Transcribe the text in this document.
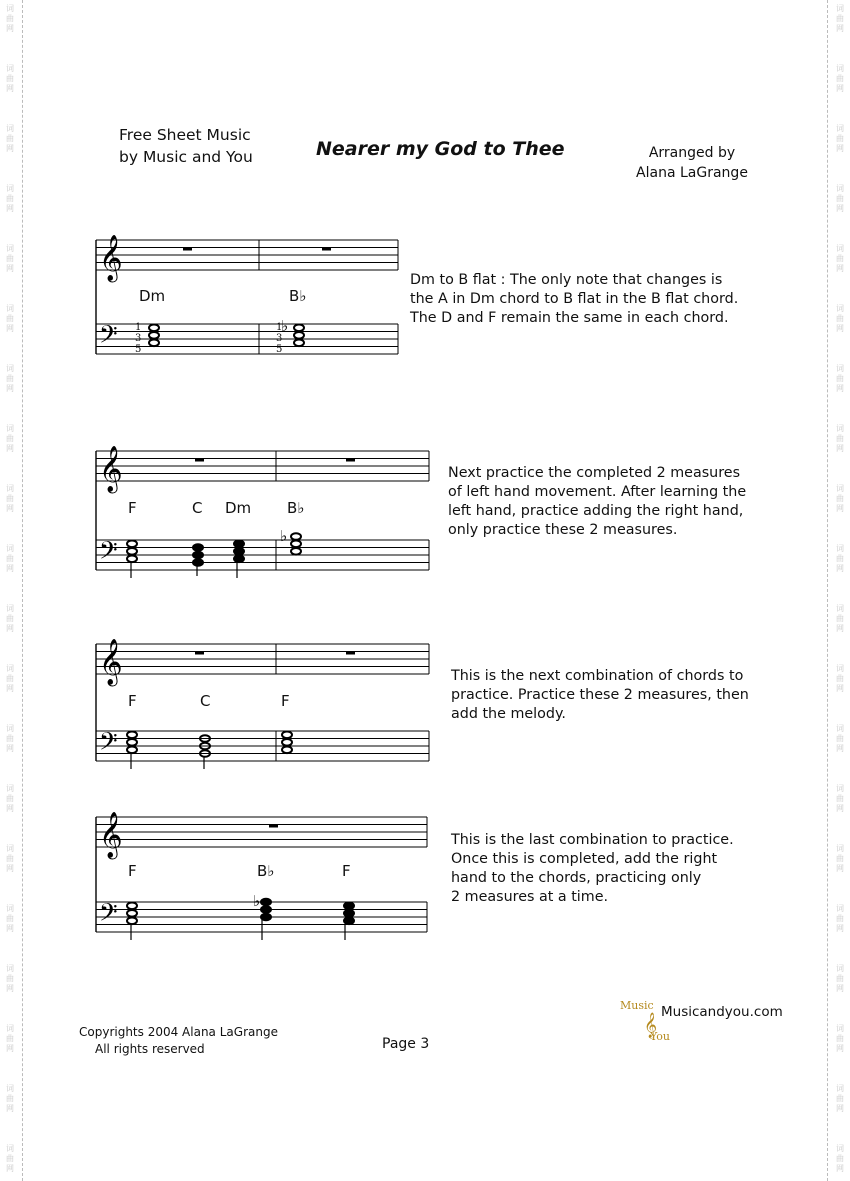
词
曲
网
词
曲
网
词
曲
网
词
曲
网
词
曲
网
词
曲
网
词
曲
网
词
曲
网
词
曲
网
词
曲
网
词
曲
网
词
曲
网
词
曲
网
词
曲
网
词
曲
网
词
曲
网
词
曲
网
词
曲
网
词
曲
网
词
曲
网
词
曲
网
词
曲
网
词
曲
网
词
曲
网
词
曲
网
词
曲
网
词
曲
网
词
曲
网
词
曲
网
词
曲
网
词
曲
网
词
曲
网
词
曲
网
词
曲
网
词
曲
网
词
曲
网
词
曲
网
词
曲
网
词
曲
网
词
曲
网
Free Sheet Music
by Music and You	Nearer my God to Thee	Arranged by
Alana LaGrange
𝄞
𝄢	♭
Dm	B♭
1
3
5
1
3
5
Dm to B flat : The only note that changes is
the A in Dm chord to B flat in the B flat chord.
The D and F remain the same in each chord.
𝄞
𝄢	♭
F	C Dm B♭
Next practice the completed 2 measures
of left hand movement. After learning the
left hand, practice adding the right hand,
only practice these 2 measures.
𝄞
𝄢
F	C	F
This is the next combination of chords to
practice. Practice these 2 measures, then
add the melody.
𝄞
𝄢	♭
F	B♭	F
This is the last combination to practice.
Once this is completed, add the right
hand to the chords, practicing only
2 measures at a time.
Copyrights 2004 Alana LaGrange
All rights reserved	Page 3
Music
𝄞
You
Musicandyou.com
